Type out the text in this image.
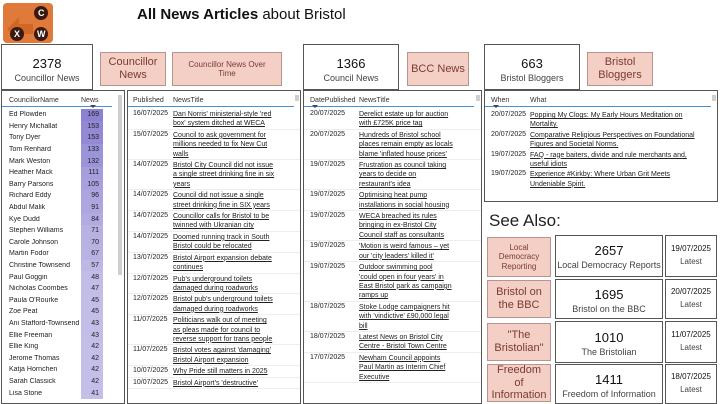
C
X W
All News Articles about Bristol
2378
Councillor News
Councillor News
Councillor News Over Time
1366
Council News
BCC News	663
Bristol Bloggers
Bristol Bloggers
CouncillorName	News
Ed Plowden	169
Henry Michallat	153
Tony Dyer	153
Tom Renhard	133
Mark Weston	132
Heather Mack	111
Barry Parsons	105
Richard Eddy	96
Abdul Malik	91
Kye Dudd	84
Stephen Williams	71
Carole Johnson	70
Martin Fodor	67
Christine Townsend	57
Paul Goggin	48
Nicholas Coombes	47
Paula O'Rourke	45
Zoe Peat	45
Ani Stafford-Townsend	43
Ellie Freeman	43
Ellie King	42
Jerome Thomas	42
Katja Hornchen	42
Sarah Classick	42
Lisa Stone	41
Published	NewsTitle
16/07/2025 Dan Norris' ministerial-style 'red
box' system ditched at WECA
15/07/2025 Council to ask government for
millions needed to fix New Cut
walls
14/07/2025 Bristol City Council did not issue
a single street drinking fine in six
years
14/07/2025 Council did not issue a single
street drinking fine in SIX years
14/07/2025 Councillor calls for Bristol to be
twinned with Ukranian city
14/07/2025 Doomed running track in South
Bristol could be relocated
13/07/2025 Bristol Airport expansion debate
continues
12/07/2025 Pub's underground toilets
damaged during roadworks
12/07/2025 Bristol pub's underground toilets
damaged during roadworks
11/07/2025 Politicians walk out of meeting
as pleas made for council to
reverse support for trans people
11/07/2025 Bristol votes against 'damaging'
Bristol Airport expansion
10/07/2025 Why Pride still matters in 2025
10/07/2025 Bristol Airport's 'destructive'
DatePublished NewsTitle
20/07/2025	Derelict estate up for auction
with £725K price tag
20/07/2025	Hundreds of Bristol school
places remain empty as locals
blame 'inflated house prices'
19/07/2025	Frustration as council taking
years to decide on
restaurant's idea
19/07/2025	Optimising heat pump
installations in social housing
19/07/2025	WECA breached its rules
bringing in ex-Bristol City
Council staff as consultants
19/07/2025	'Motion is weird famous – yet
our 'city leaders' killed it'
19/07/2025	Outdoor swimming pool
'could open in four years' in
East Bristol park as campaign
ramps up
18/07/2025	Stoke Lodge campaigners hit
with 'vindictive' £90,000 legal
bill
18/07/2025	Latest News on Bristol City
Centre - Bristol Town Centre
17/07/2025	Newham Council appoints
Paul Martin as Interim Chief
Executive
When	What
20/07/2025 Popping My Clogs: My Early Hours Meditation on
Mortality.
20/07/2025 Comparative Religious Perspectives on Foundational
Figures and Societal Norms.
19/07/2025 FAQ - rage baiters, divide and rule merchants and,
useful idiots
19/07/2025 Experience #Kirkby: Where Urban Grit Meets
Undeniable Spirit.
See Also:
Local Democracy Reporting
2657
Local Democracy Reports
19/07/2025
Latest
Bristol on the BBC
1695
Bristol on the BBC
20/07/2025
Latest
"The Bristolian"
1010
The Bristolian
11/07/2025
Latest
Freedom of Information
1411
Freedom of Information
18/07/2025
Latest
